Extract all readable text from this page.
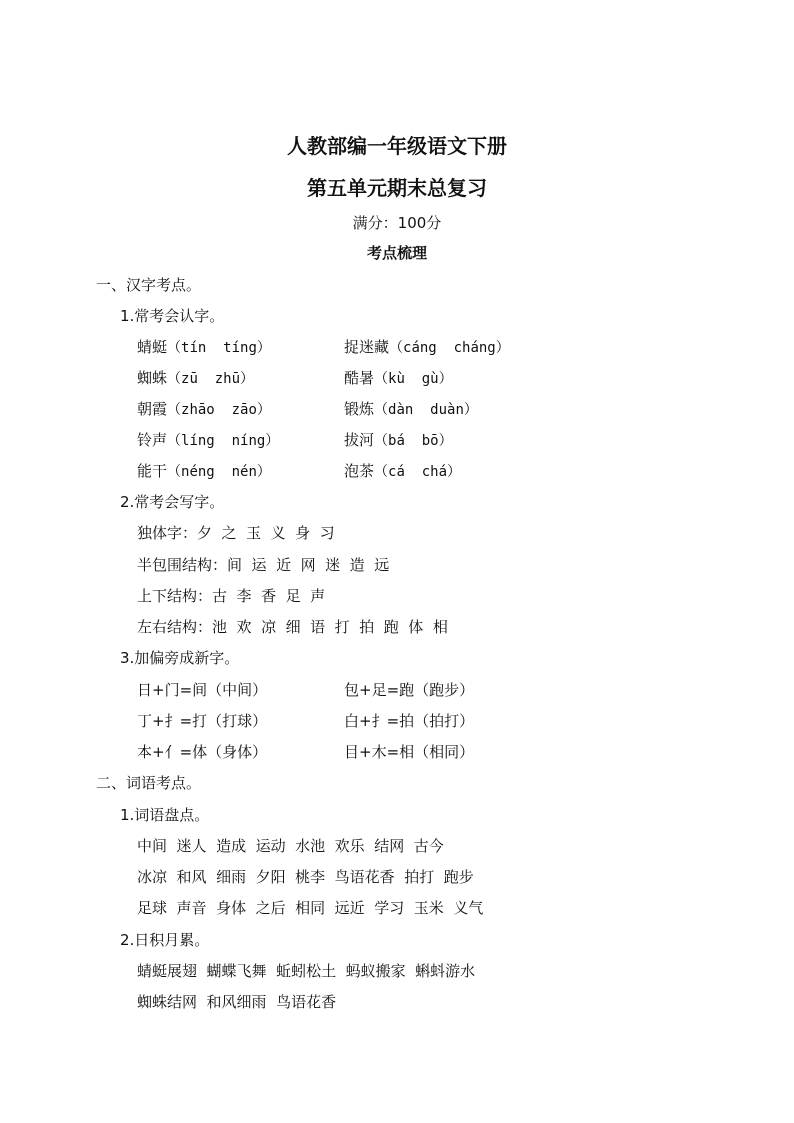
人教部编一年级语文下册
第五单元期末总复习
满分：100分
考点梳理
一、汉字考点。
1.常考会认字。
蜻蜓（tín  tíng）	捉迷藏（cáng  cháng）
蜘蛛（zū  zhū）	酷暑（kù  gù）
朝霞（zhāo  zāo）	锻炼（dàn  duàn）
铃声（líng  níng）	拔河（bá  bō）
能干（néng  nén）	泡茶（cá  chá）
2.常考会写字。
独体字：夕  之  玉  义  身  习
半包围结构：间  运  近  网  迷  造  远
上下结构：古  李  香  足  声
左右结构：池  欢  凉  细  语  打  拍  跑  体  相
3.加偏旁成新字。
日+门=间（中间）	包+足=跑（跑步）
丁+扌=打（打球）	白+扌=拍（拍打）
本+亻=体（身体）	目+木=相（相同）
二、词语考点。
1.词语盘点。
中间  迷人  造成  运动  水池  欢乐  结网  古今
冰凉  和风  细雨  夕阳  桃李  鸟语花香  拍打  跑步
足球  声音  身体  之后  相同  远近  学习  玉米  义气
2.日积月累。
蜻蜓展翅  蝴蝶飞舞  蚯蚓松土  蚂蚁搬家  蝌蚪游水
蜘蛛结网  和风细雨  鸟语花香
